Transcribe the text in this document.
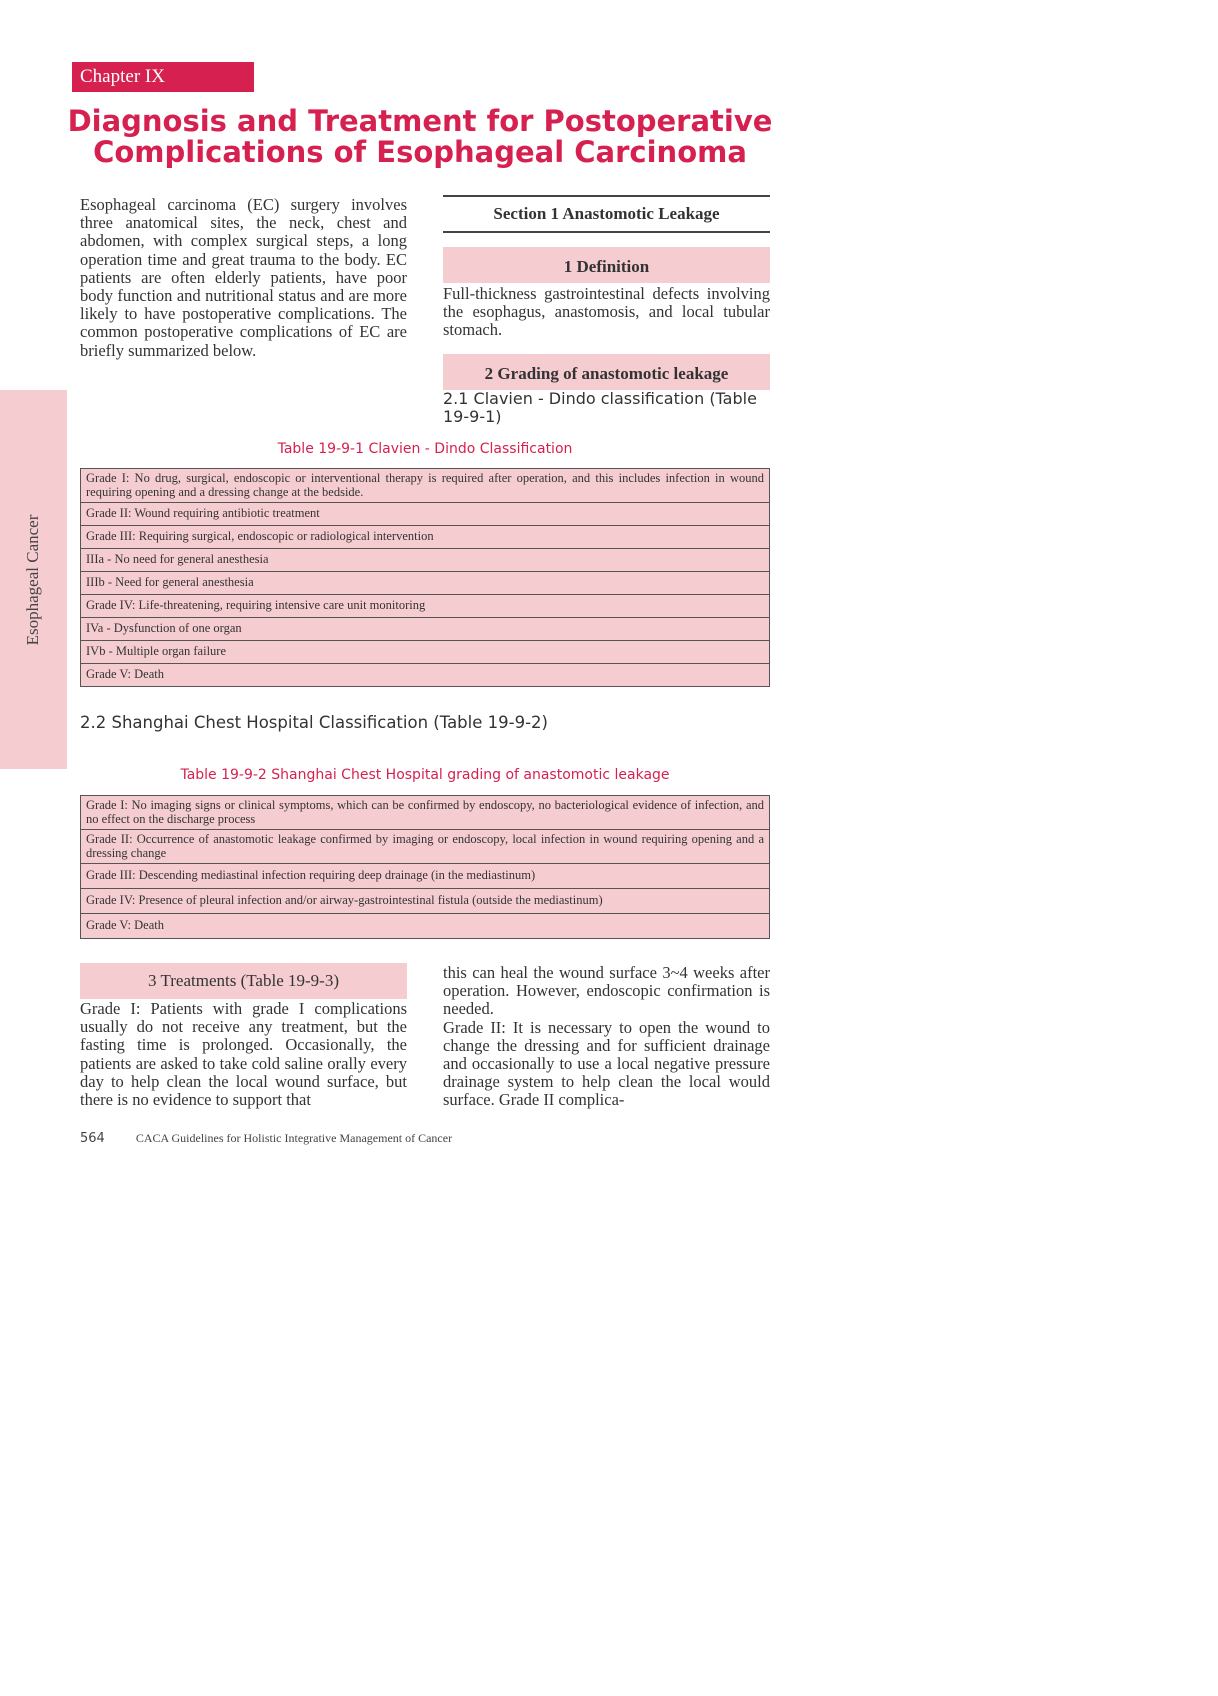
Chapter IX
Diagnosis and Treatment for Postoperative
Complications of Esophageal Carcinoma
Esophageal carcinoma (EC) surgery involves three anatomical sites, the neck, chest and abdomen, with complex surgical steps, a long operation time and great trauma to the body. EC patients are often elderly patients, have poor body function and nutritional status and are more likely to have postoperative complications. The common postoperative complications of EC are briefly summarized below.
Section 1 Anastomotic Leakage
1 Definition
Full-thickness gastrointestinal defects involving the esophagus, anastomosis, and local tubular stomach.
2 Grading of anastomotic leakage
2.1 Clavien - Dindo classification (Table 19-9-1)
Esophageal Cancer
Table 19-9-1 Clavien - Dindo Classification
Grade I: No drug, surgical, endoscopic or interventional therapy is required after operation, and this includes infection in wound requiring opening and a dressing change at the bedside.
Grade II: Wound requiring antibiotic treatment
Grade III: Requiring surgical, endoscopic or radiological intervention
IIIa - No need for general anesthesia
IIIb - Need for general anesthesia
Grade IV: Life-threatening, requiring intensive care unit monitoring
IVa - Dysfunction of one organ
IVb - Multiple organ failure
Grade V: Death
2.2 Shanghai Chest Hospital Classification (Table 19-9-2)
Table 19-9-2 Shanghai Chest Hospital grading of anastomotic leakage
Grade I: No imaging signs or clinical symptoms, which can be confirmed by endoscopy, no bacteriological evidence of infection, and no effect on the discharge process
Grade II: Occurrence of anastomotic leakage confirmed by imaging or endoscopy, local infection in wound requiring opening and a dressing change
Grade III: Descending mediastinal infection requiring deep drainage (in the mediastinum)
Grade IV: Presence of pleural infection and/or airway-gastrointestinal fistula (outside the mediastinum)
Grade V: Death
3 Treatments (Table 19-9-3)
Grade I: Patients with grade I complications usually do not receive any treatment, but the fasting time is prolonged. Occasionally, the patients are asked to take cold saline orally every day to help clean the local wound surface, but there is no evidence to support that
this can heal the wound surface 3~4 weeks after operation. However, endoscopic confirmation is needed.
Grade II: It is necessary to open the wound to change the dressing and for sufficient drainage and occasionally to use a local negative pressure drainage system to help clean the local would surface. Grade II complica-
564	CACA Guidelines for Holistic Integrative Management of Cancer
